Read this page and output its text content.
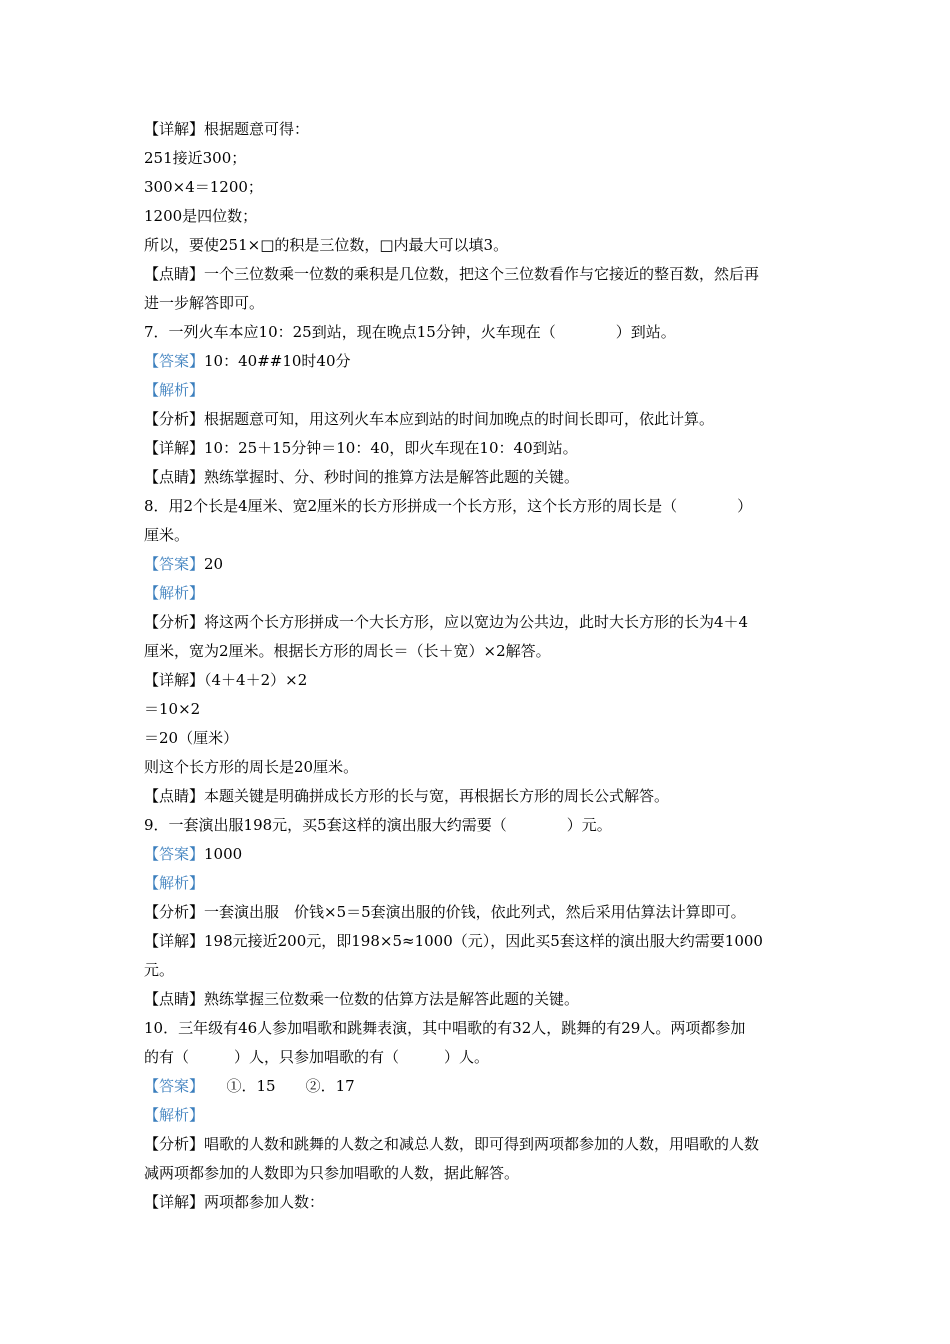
【详解】根据题意可得：
251接近300；
300×4＝1200；
1200是四位数；
所以，要使251×□的积是三位数，□内最大可以填3。
【点睛】一个三位数乘一位数的乘积是几位数，把这个三位数看作与它接近的整百数，然后再
进一步解答即可。
7．一列火车本应10：25到站，现在晚点15分钟，火车现在（　　　　）到站。
【答案】10：40##10时40分
【解析】
【分析】根据题意可知，用这列火车本应到站的时间加晚点的时间长即可，依此计算。
【详解】10：25＋15分钟＝10：40，即火车现在10：40到站。
【点睛】熟练掌握时、分、秒时间的推算方法是解答此题的关键。
8．用2个长是4厘米、宽2厘米的长方形拼成一个长方形，这个长方形的周长是（　　　　）
厘米。
【答案】20
【解析】
【分析】将这两个长方形拼成一个大长方形，应以宽边为公共边，此时大长方形的长为4＋4
厘米，宽为2厘米。根据长方形的周长＝（长＋宽）×2解答。
【详解】（4＋4＋2）×2
＝10×2
＝20（厘米）
则这个长方形的周长是20厘米。
【点睛】本题关键是明确拼成长方形的长与宽，再根据长方形的周长公式解答。
9．一套演出服198元，买5套这样的演出服大约需要（　　　　）元。
【答案】1000
【解析】
【分析】一套演出服　价钱×5＝5套演出服的价钱，依此列式，然后采用估算法计算即可。
【详解】198元接近200元，即198×5≈1000（元），因此买5套这样的演出服大约需要1000
元。
【点睛】熟练掌握三位数乘一位数的估算方法是解答此题的关键。
10．三年级有46人参加唱歌和跳舞表演，其中唱歌的有32人，跳舞的有29人。两项都参加
的有（　　　）人，只参加唱歌的有（　　　）人。
【答案】　　①．15　　②．17
【解析】
【分析】唱歌的人数和跳舞的人数之和减总人数，即可得到两项都参加的人数，用唱歌的人数
减两项都参加的人数即为只参加唱歌的人数，据此解答。
【详解】两项都参加人数：
